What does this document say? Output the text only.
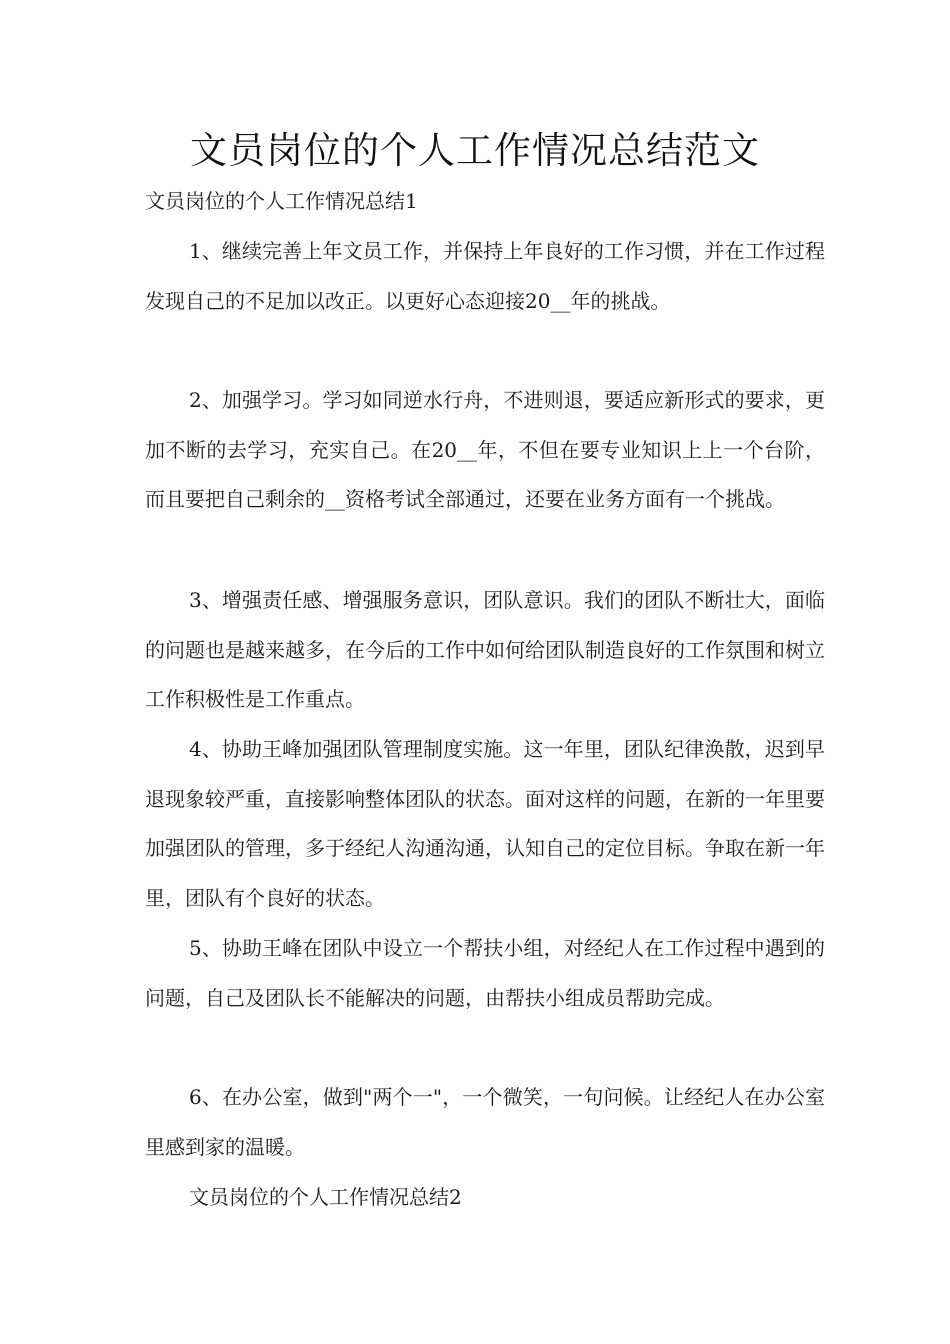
文员岗位的个人工作情况总结范文

文员岗位的个人工作情况总结1

1、继续完善上年文员工作，并保持上年良好的工作习惯，并在工作过程发现自己的不足加以改正。以更好心态迎接20__年的挑战。

2、加强学习。学习如同逆水行舟，不进则退，要适应新形式的要求，更加不断的去学习，充实自己。在20__年，不但在要专业知识上上一个台阶，而且要把自己剩余的__资格考试全部通过，还要在业务方面有一个挑战。

3、增强责任感、增强服务意识，团队意识。我们的团队不断壮大，面临的问题也是越来越多，在今后的工作中如何给团队制造良好的工作氛围和树立工作积极性是工作重点。

4、协助王峰加强团队管理制度实施。这一年里，团队纪律涣散，迟到早退现象较严重，直接影响整体团队的状态。面对这样的问题，在新的一年里要加强团队的管理，多于经纪人沟通沟通，认知自己的定位目标。争取在新一年里，团队有个良好的状态。

5、协助王峰在团队中设立一个帮扶小组，对经纪人在工作过程中遇到的问题，自己及团队长不能解决的问题，由帮扶小组成员帮助完成。

6、在办公室，做到"两个一"，一个微笑，一句问候。让经纪人在办公室里感到家的温暖。

文员岗位的个人工作情况总结2
